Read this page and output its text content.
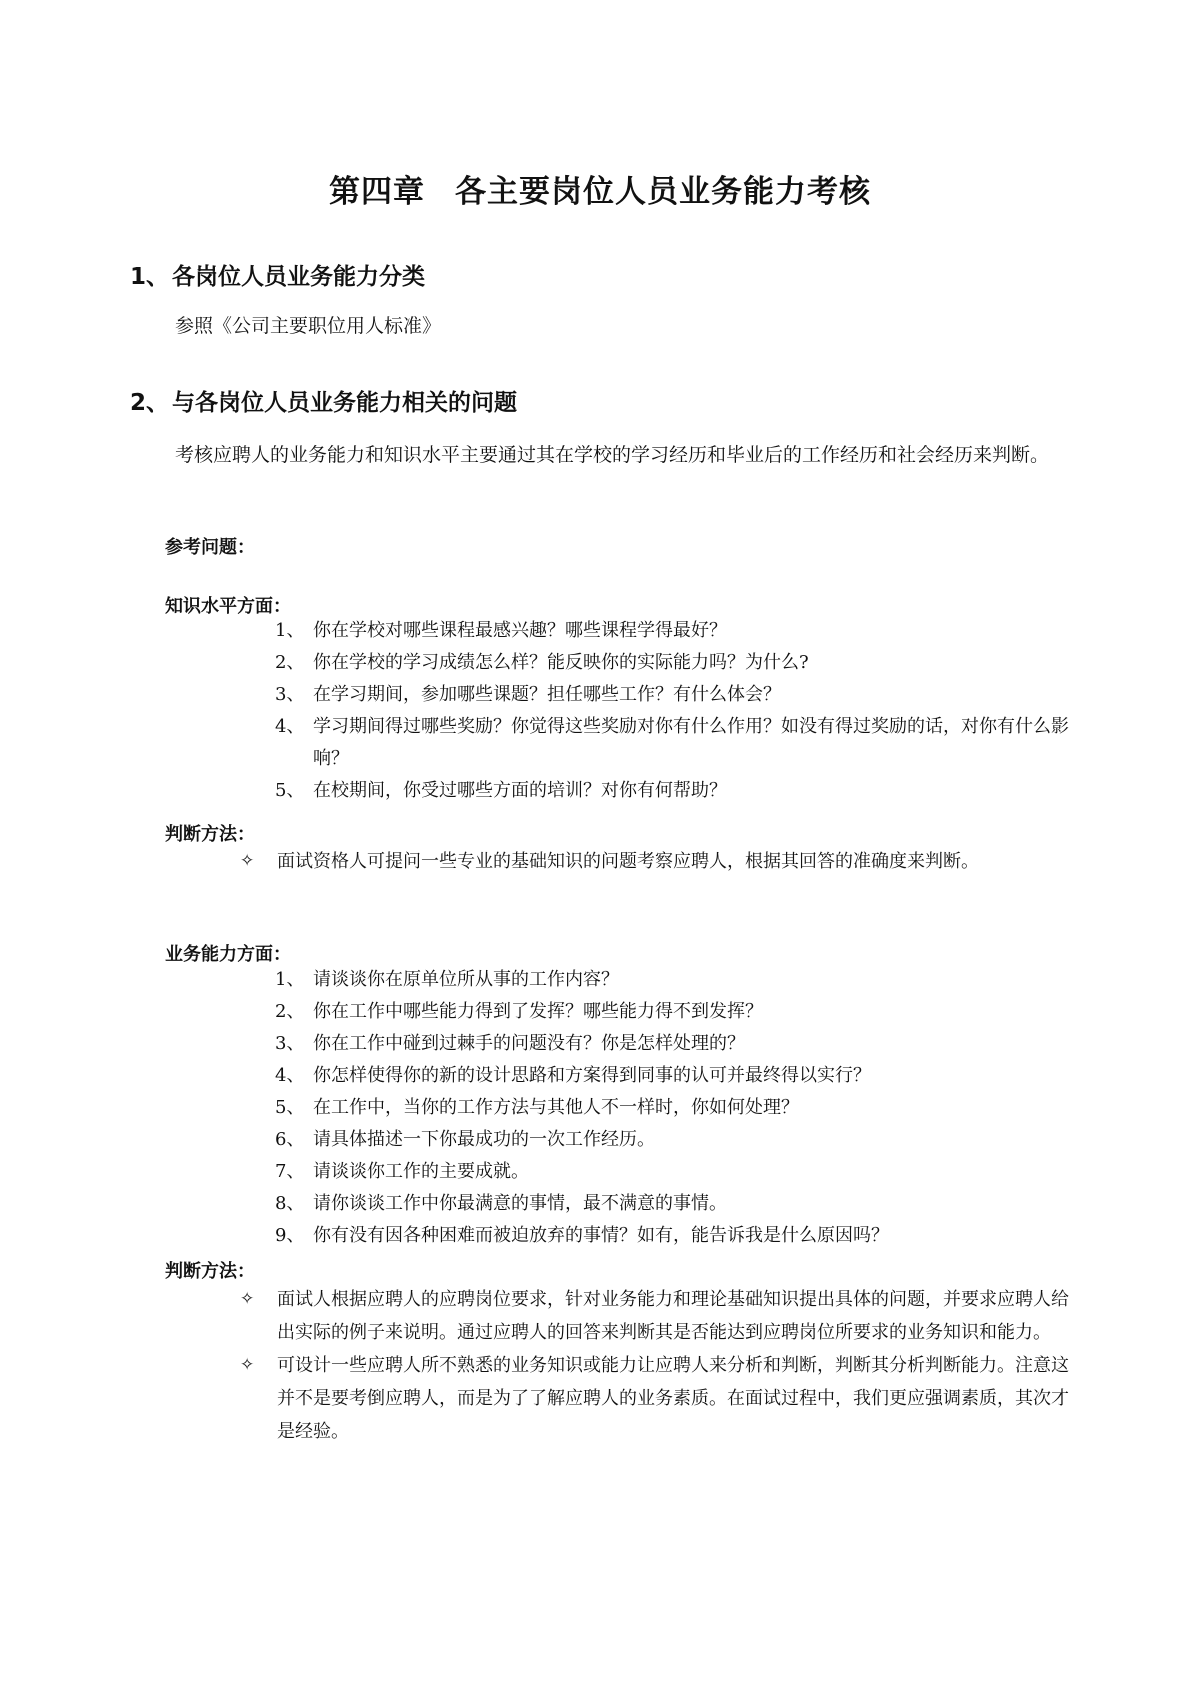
第四章 各主要岗位人员业务能力考核
1、 各岗位人员业务能力分类
参照《公司主要职位用人标准》
2、 与各岗位人员业务能力相关的问题
考核应聘人的业务能力和知识水平主要通过其在学校的学习经历和毕业后的工作经历和社会经历来判断。
参考问题：
知识水平方面：
1、 你在学校对哪些课程最感兴趣？哪些课程学得最好？
2、 你在学校的学习成绩怎么样？能反映你的实际能力吗？为什么?
3、 在学习期间，参加哪些课题？担任哪些工作？有什么体会？
4、 学习期间得过哪些奖励？你觉得这些奖励对你有什么作用？如没有得过奖励的话，对你有什么影响？
5、 在校期间，你受过哪些方面的培训？对你有何帮助？
判断方法：
✧ 面试资格人可提问一些专业的基础知识的问题考察应聘人，根据其回答的准确度来判断。
业务能力方面：
1、 请谈谈你在原单位所从事的工作内容？
2、 你在工作中哪些能力得到了发挥？哪些能力得不到发挥？
3、 你在工作中碰到过棘手的问题没有？你是怎样处理的？
4、 你怎样使得你的新的设计思路和方案得到同事的认可并最终得以实行？
5、 在工作中，当你的工作方法与其他人不一样时，你如何处理？
6、 请具体描述一下你最成功的一次工作经历。
7、 请谈谈你工作的主要成就。
8、 请你谈谈工作中你最满意的事情，最不满意的事情。
9、 你有没有因各种困难而被迫放弃的事情？如有，能告诉我是什么原因吗？
判断方法：
✧ 面试人根据应聘人的应聘岗位要求，针对业务能力和理论基础知识提出具体的问题，并要求应聘人给出实际的例子来说明。通过应聘人的回答来判断其是否能达到应聘岗位所要求的业务知识和能力。
✧ 可设计一些应聘人所不熟悉的业务知识或能力让应聘人来分析和判断，判断其分析判断能力。注意这并不是要考倒应聘人，而是为了了解应聘人的业务素质。在面试过程中，我们更应强调素质，其次才是经验。
